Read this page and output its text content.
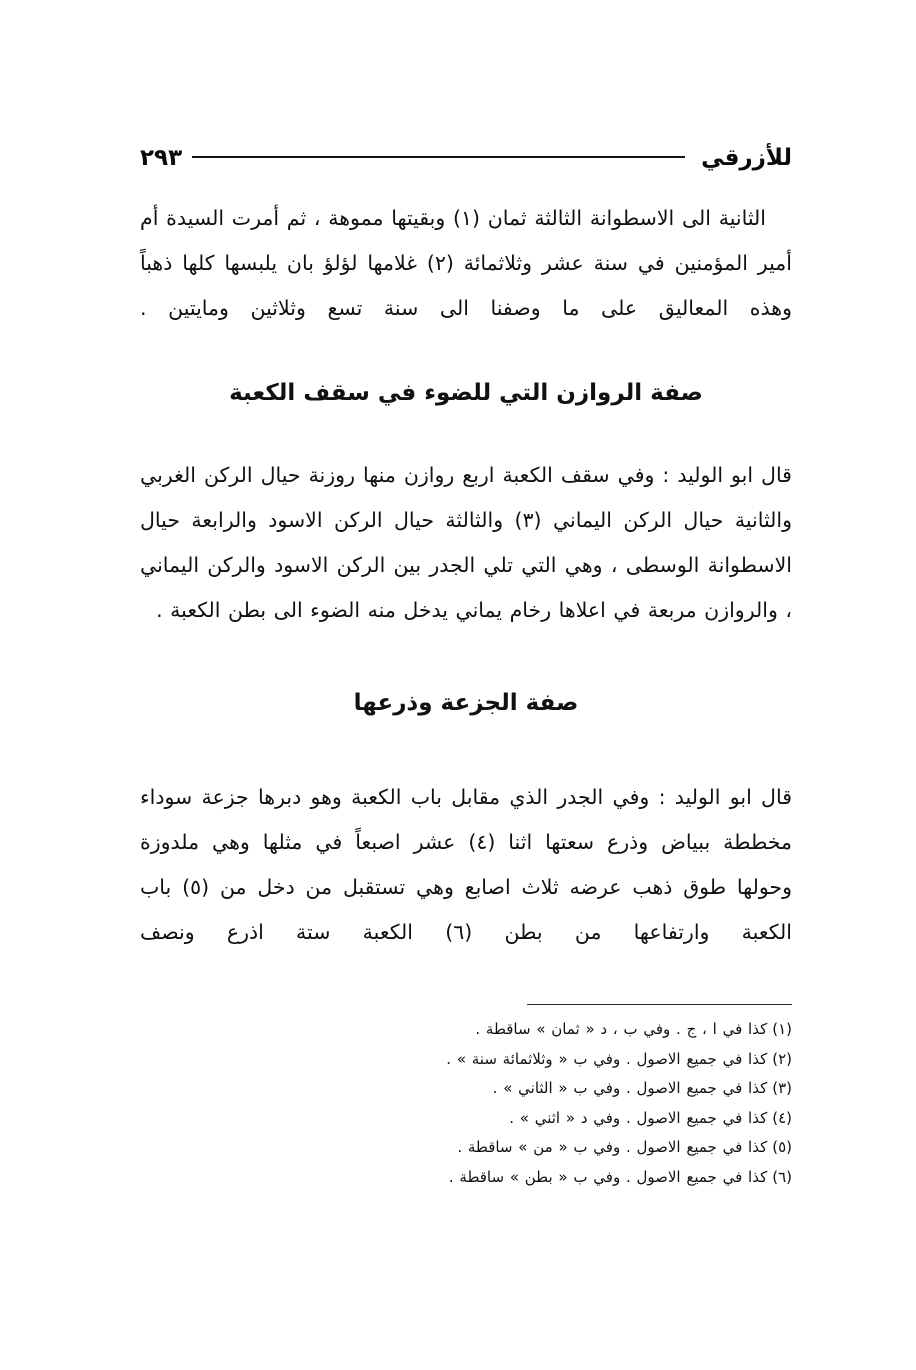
٢٩٣	للأزرقي

الثانية الى الاسطوانة الثالثة ثمان (١) وبقيتها مموهة ، ثم أمرت السيدة أم أمير المؤمنين في سنة عشر وثلاثمائة (٢) غلامها لؤلؤ بان يلبسها كلها ذهباً وهذه المعاليق على ما وصفنا الى سنة تسع وثلاثين ومايتين .

صفة الروازن التي للضوء في سقف الكعبة

قال ابو الوليد : وفي سقف الكعبة اربع روازن منها روزنة حيال الركن الغربي والثانية حيال الركن اليماني (٣) والثالثة حيال الركن الاسود والرابعة حيال الاسطوانة الوسطى ، وهي التي تلي الجدر بين الركن الاسود والركن اليماني ، والروازن مربعة في اعلاها رخام يماني يدخل منه الضوء الى بطن الكعبة .

صفة الجزعة وذرعها

قال ابو الوليد : وفي الجدر الذي مقابل باب الكعبة وهو دبرها جزعة سوداء مخططة ببياض وذرع سعتها اثنا (٤) عشر اصبعاً في مثلها وهي ملدوزة وحولها طوق ذهب عرضه ثلاث اصابع وهي تستقبل من دخل من (٥) باب الكعبة وارتفاعها من بطن (٦) الكعبة ستة اذرع ونصف

(١)كذا في ا ، ج . وفي ب ، د « ثمان » ساقطة .
(٢)كذا في جميع الاصول . وفي ب « وثلاثمائة سنة » .
(٣)كذا في جميع الاصول . وفي ب « الثاني » .
(٤)كذا في جميع الاصول . وفي د « اثني » .
(٥)كذا في جميع الاصول . وفي ب « من » ساقطة .
(٦)كذا في جميع الاصول . وفي ب « بطن » ساقطة .
